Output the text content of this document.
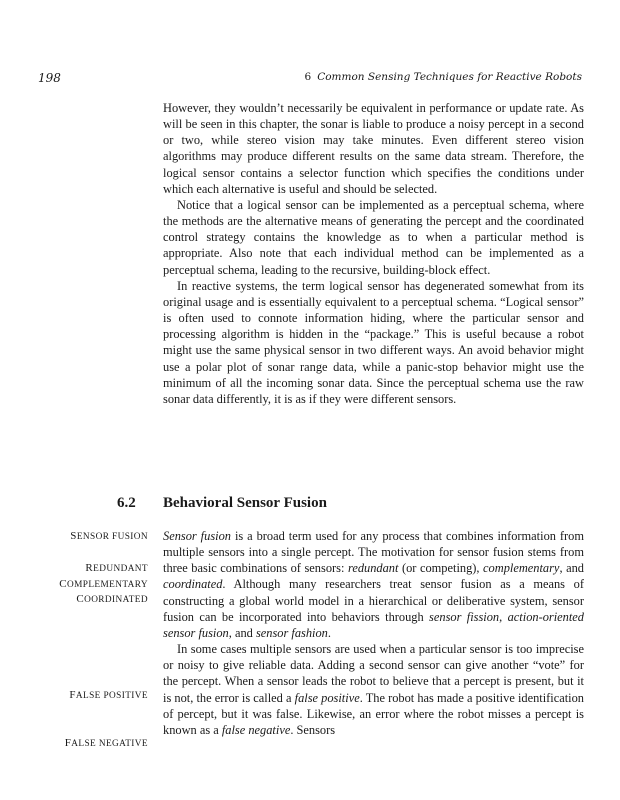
198	6 Common Sensing Techniques for Reactive Robots

However, they wouldn’t necessarily be equivalent in performance or update rate. As will be seen in this chapter, the sonar is liable to produce a noisy percept in a second or two, while stereo vision may take minutes. Even different stereo vision algorithms may produce different results on the same data stream. Therefore, the logical sensor contains a selector function which specifies the conditions under which each alternative is useful and should be selected.

Notice that a logical sensor can be implemented as a perceptual schema, where the methods are the alternative means of generating the percept and the coordinated control strategy contains the knowledge as to when a particular method is appropriate. Also note that each individual method can be implemented as a perceptual schema, leading to the recursive, building-block effect.

In reactive systems, the term logical sensor has degenerated somewhat from its original usage and is essentially equivalent to a perceptual schema. “Logical sensor” is often used to connote information hiding, where the particular sensor and processing algorithm is hidden in the “package.” This is useful because a robot might use the same physical sensor in two different ways. An avoid behavior might use a polar plot of sonar range data, while a panic-stop behavior might use the minimum of all the incoming sonar data. Since the perceptual schema use the raw sonar data differently, it is as if they were different sensors.

6.2 Behavioral Sensor Fusion
SENSOR FUSION
REDUNDANT
COMPLEMENTARY
COORDINATED
FALSE POSITIVE
FALSE NEGATIVE

Sensor fusion is a broad term used for any process that combines information from multiple sensors into a single percept. The motivation for sensor fusion stems from three basic combinations of sensors: redundant (or competing), complementary, and coordinated. Although many researchers treat sensor fusion as a means of constructing a global world model in a hierarchical or deliberative system, sensor fusion can be incorporated into behaviors through sensor fission, action-oriented sensor fusion, and sensor fashion.

In some cases multiple sensors are used when a particular sensor is too imprecise or noisy to give reliable data. Adding a second sensor can give another “vote” for the percept. When a sensor leads the robot to believe that a percept is present, but it is not, the error is called a false positive. The robot has made a positive identification of percept, but it was false. Likewise, an error where the robot misses a percept is known as a false negative. Sensors
